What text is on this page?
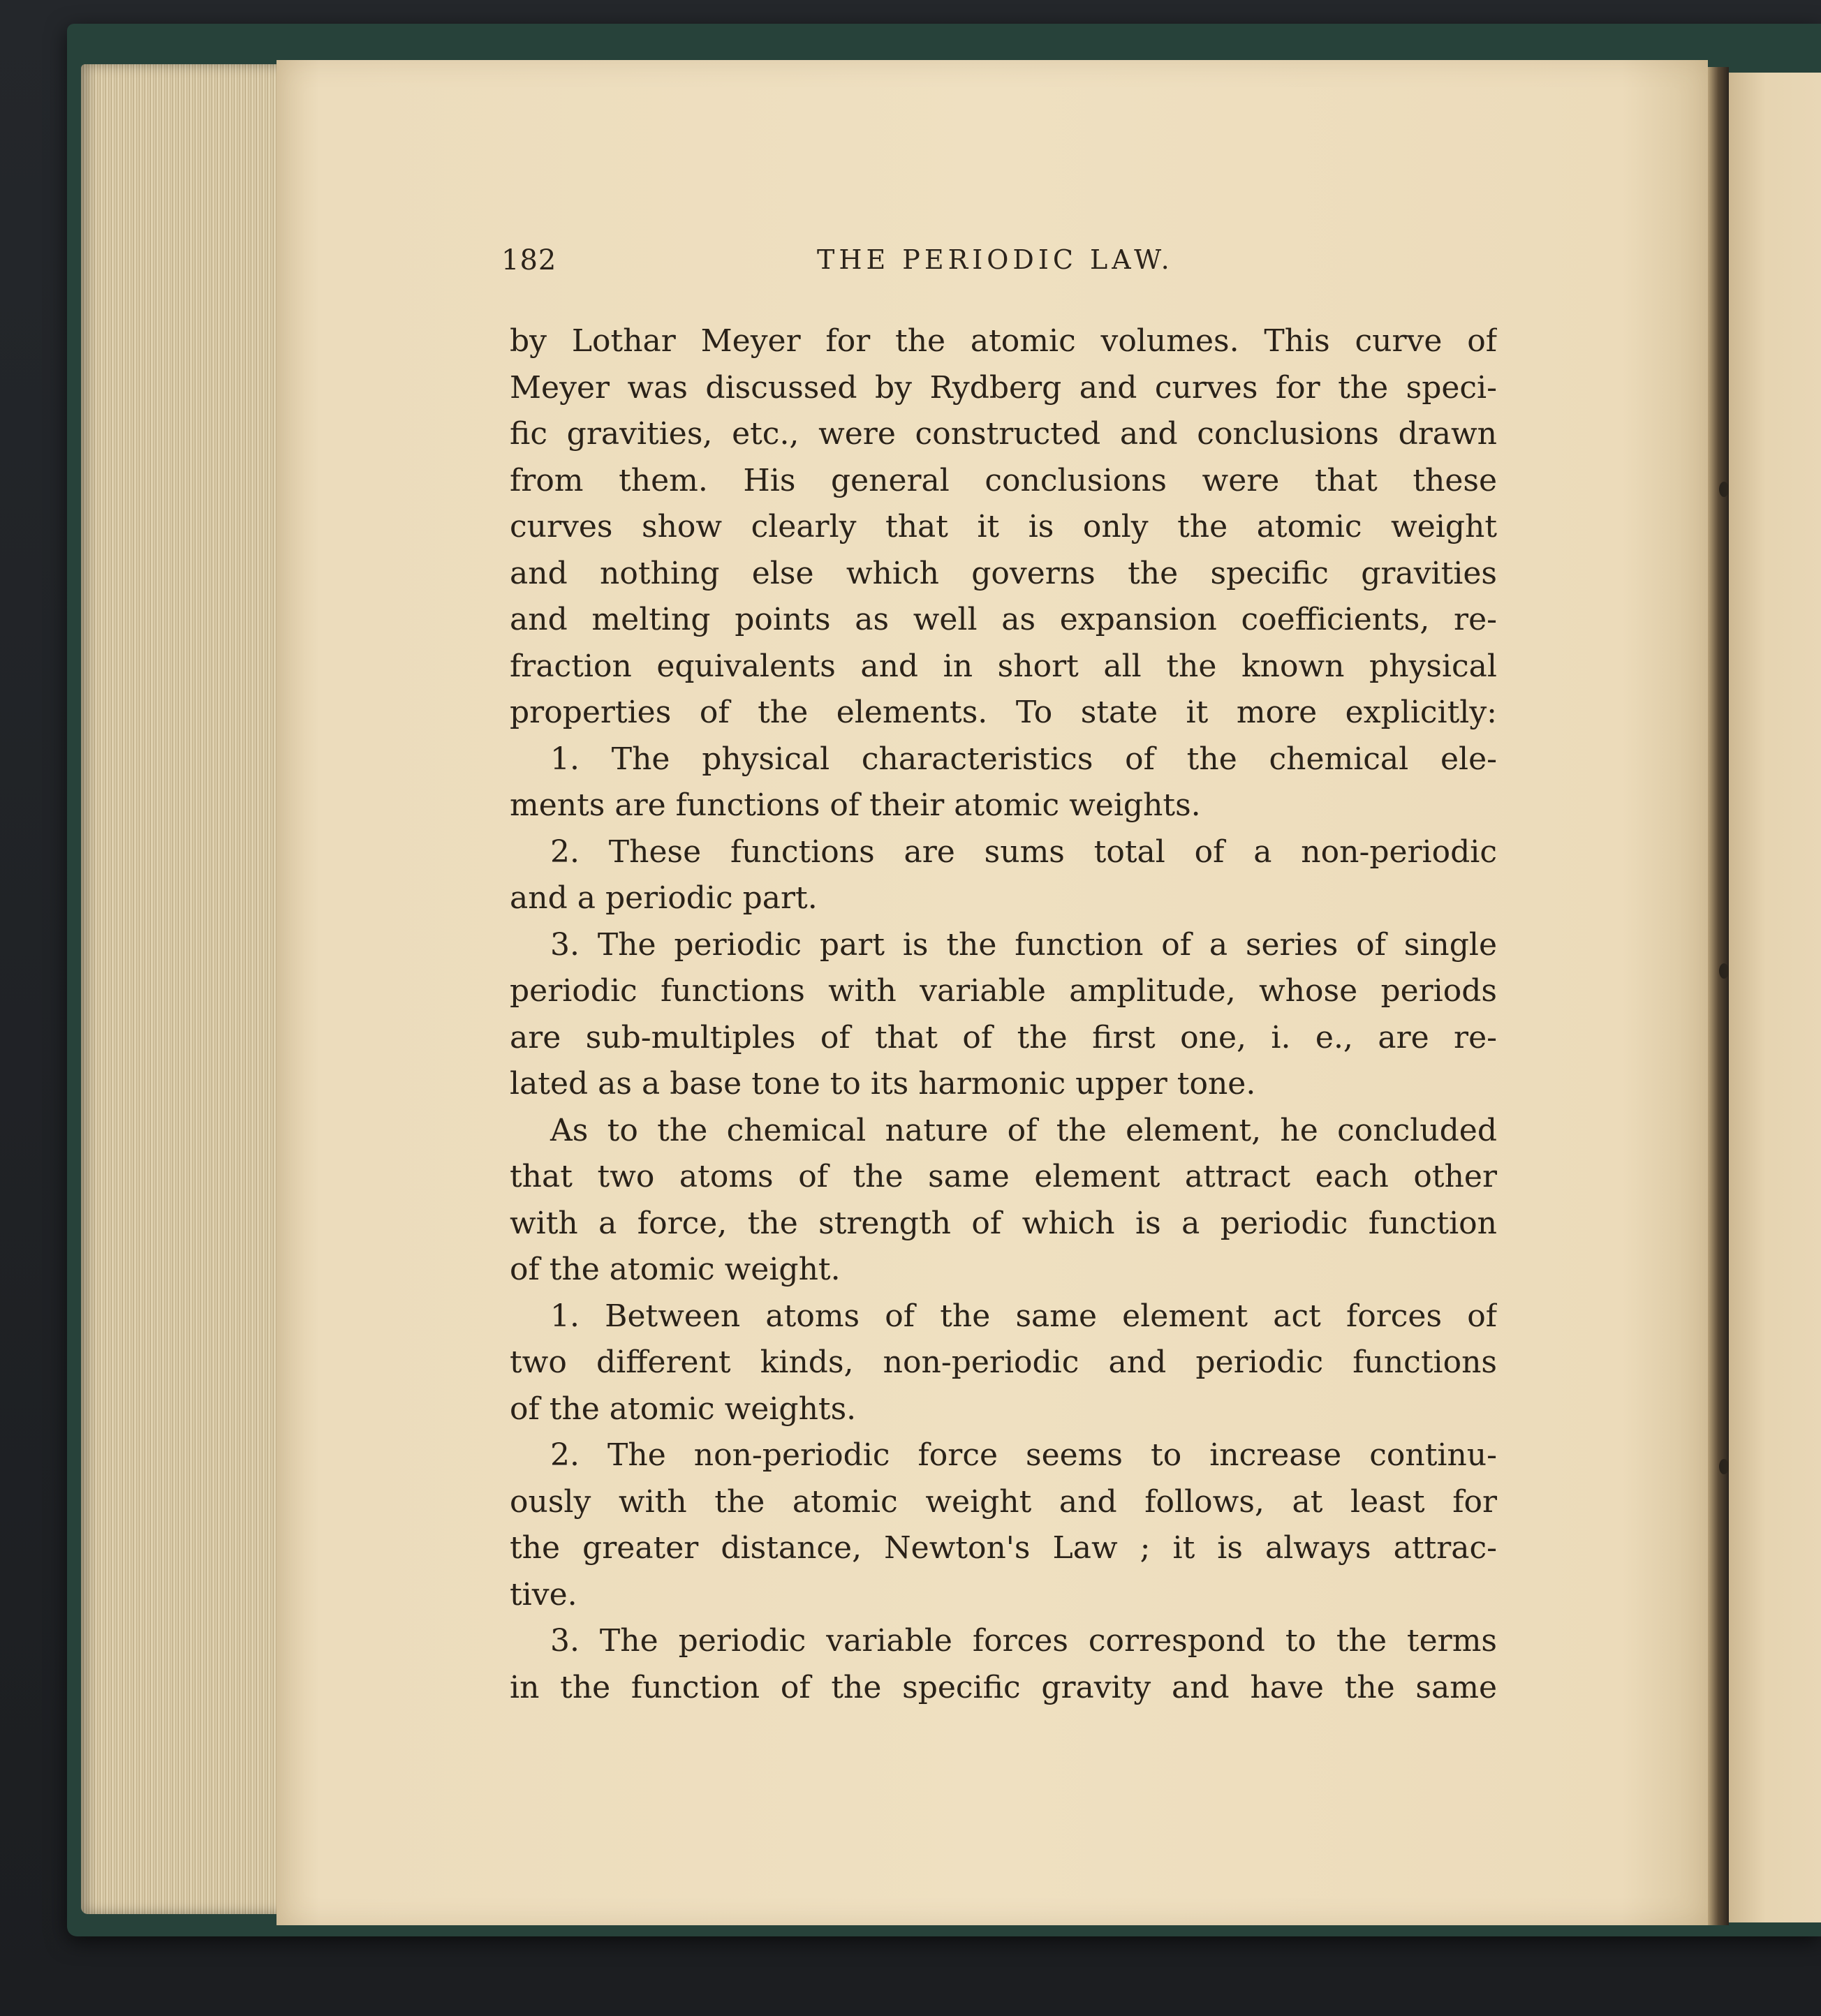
182	THE PERIODIC LAW.
by Lothar Meyer for the atomic volumes. This curve of
Meyer was discussed by Rydberg and curves for the speci-
fic gravities, etc., were constructed and conclusions drawn
from them. His general conclusions were that these
curves show clearly that it is only the atomic weight
and nothing else which governs the specific gravities
and melting points as well as expansion coefficients, re-
fraction equivalents and in short all the known physical
properties of the elements. To state it more explicitly:
1. The physical characteristics of the chemical ele-
ments are functions of their atomic weights.
2. These functions are sums total of a non-periodic
and a periodic part.
3. The periodic part is the function of a series of single
periodic functions with variable amplitude, whose periods
are sub-multiples of that of the first one, i. e., are re-
lated as a base tone to its harmonic upper tone.
As to the chemical nature of the element, he concluded
that two atoms of the same element attract each other
with a force, the strength of which is a periodic function
of the atomic weight.
1. Between atoms of the same element act forces of
two different kinds, non-periodic and periodic functions
of the atomic weights.
2. The non-periodic force seems to increase continu-
ously with the atomic weight and follows, at least for
the greater distance, Newton's Law ; it is always attrac-
tive.
3. The periodic variable forces correspond to the terms
in the function of the specific gravity and have the same
